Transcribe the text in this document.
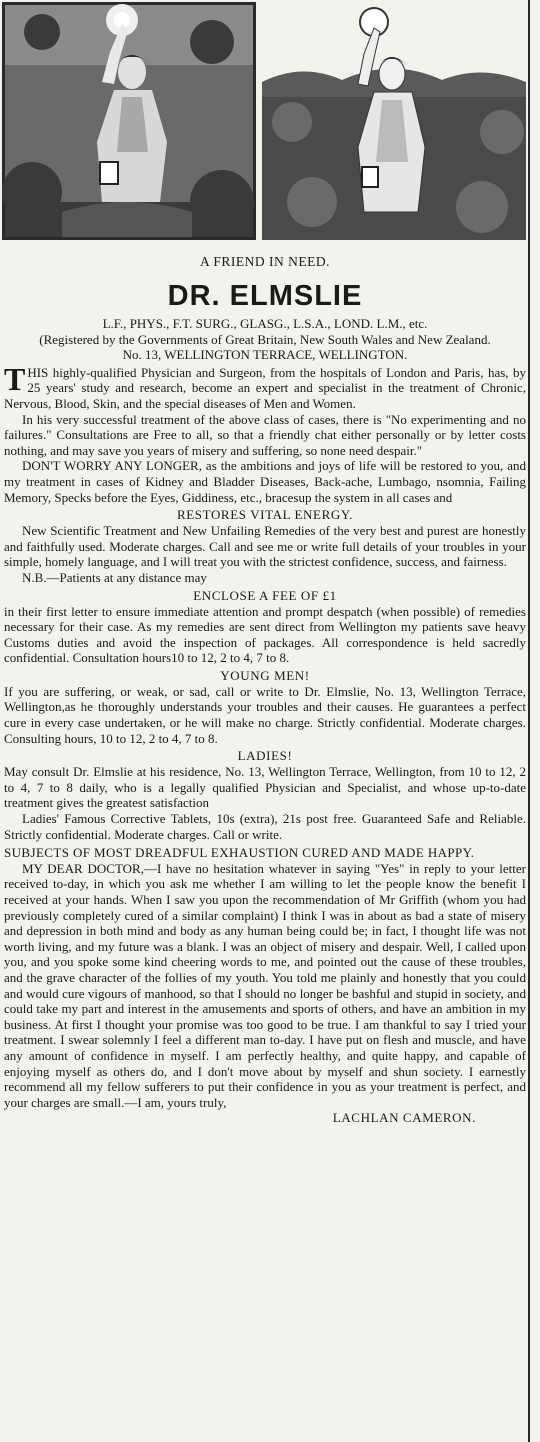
A FRIEND IN NEED.
DR. ELMSLIE

L.F., PHYS., F.T. SURG., GLASG., L.S.A., LOND. L.M., etc.

(Registered by the Governments of Great Britain, New South Wales and New Zealand.

No. 13, WELLINGTON TERRACE, WELLINGTON.

THIS highly-qualified Physician and Surgeon, from the hospitals of London and Paris, has, by 25 years' study and research, become an expert and specialist in the treatment of Chronic, Nervous, Blood, Skin, and the special diseases of Men and Women.

In his very successful treatment of the above class of cases, there is "No experimenting and no failures." Consultations are Free to all, so that a friendly chat either personally or by letter costs nothing, and may save you years of misery and suffering, so none need despair."

DON'T WORRY ANY LONGER, as the ambitions and joys of life will be restored to you, and my treatment in cases of Kidney and Bladder Diseases, Back-ache, Lumbago, nsomnia, Failing Memory, Specks before the Eyes, Giddiness, etc., bracesup the system in all cases and

RESTORES VITAL ENERGY.

New Scientific Treatment and New Unfailing Remedies of the very best and purest are honestly and faithfully used. Moderate charges. Call and see me or write full details of your troubles in your simple, homely language, and I will treat you with the strictest confidence, success, and fairness.

N.B.—Patients at any distance may

ENCLOSE A FEE OF £1

in their first letter to ensure immediate attention and prompt despatch (when possible) of remedies necessary for their case. As my remedies are sent direct from Wellington my patients save heavy Customs duties and avoid the inspection of packages. All correspondence is held sacredly confidential. Consultation hours10 to 12, 2 to 4, 7 to 8.

YOUNG MEN!

If you are suffering, or weak, or sad, call or write to Dr. Elmslie, No. 13, Wellington Terrace, Wellington,as he thoroughly understands your troubles and their causes. He guarantees a perfect cure in every case undertaken, or he will make no charge. Strictly confidential. Moderate charges. Consulting hours, 10 to 12, 2 to 4, 7 to 8.

LADIES!

May consult Dr. Elmslie at his residence, No. 13, Wellington Terrace, Wellington, from 10 to 12, 2 to 4, 7 to 8 daily, who is a legally qualified Physician and Specialist, and whose up-to-date treatment gives the greatest satisfaction

Ladies' Famous Corrective Tablets, 10s (extra), 21s post free. Guaranteed Safe and Reliable. Strictly confidential. Moderate charges. Call or write.

SUBJECTS OF MOST DREADFUL EXHAUSTION CURED AND MADE HAPPY.

MY DEAR DOCTOR,—I have no hesitation whatever in saying "Yes" in reply to your letter received to-day, in which you ask me whether I am willing to let the people know the benefit I received at your hands. When I saw you upon the recommendation of Mr Griffith (whom you had previously completely cured of a similar complaint) I think I was in about as bad a state of misery and depression in both mind and body as any human being could be; in fact, I thought life was not worth living, and my future was a blank. I was an object of misery and despair. Well, I called upon you, and you spoke some kind cheering words to me, and pointed out the cause of these troubles, and the grave character of the follies of my youth. You told me plainly and honestly that you could and would cure vigours of manhood, so that I should no longer be bashful and stupid in society, and could take my part and interest in the amusements and sports of others, and have an ambition in my business. At first I thought your promise was too good to be true. I am thankful to say I tried your treatment. I swear solemnly I feel a different man to-day. I have put on flesh and muscle, and have any amount of confidence in myself. I am perfectly healthy, and quite happy, and capable of enjoying myself as others do, and I don't move about by myself and shun society. I earnestly recommend all my fellow sufferers to put their confidence in you as your treatment is perfect, and your charges are small.—I am, yours truly,

LACHLAN CAMERON.
